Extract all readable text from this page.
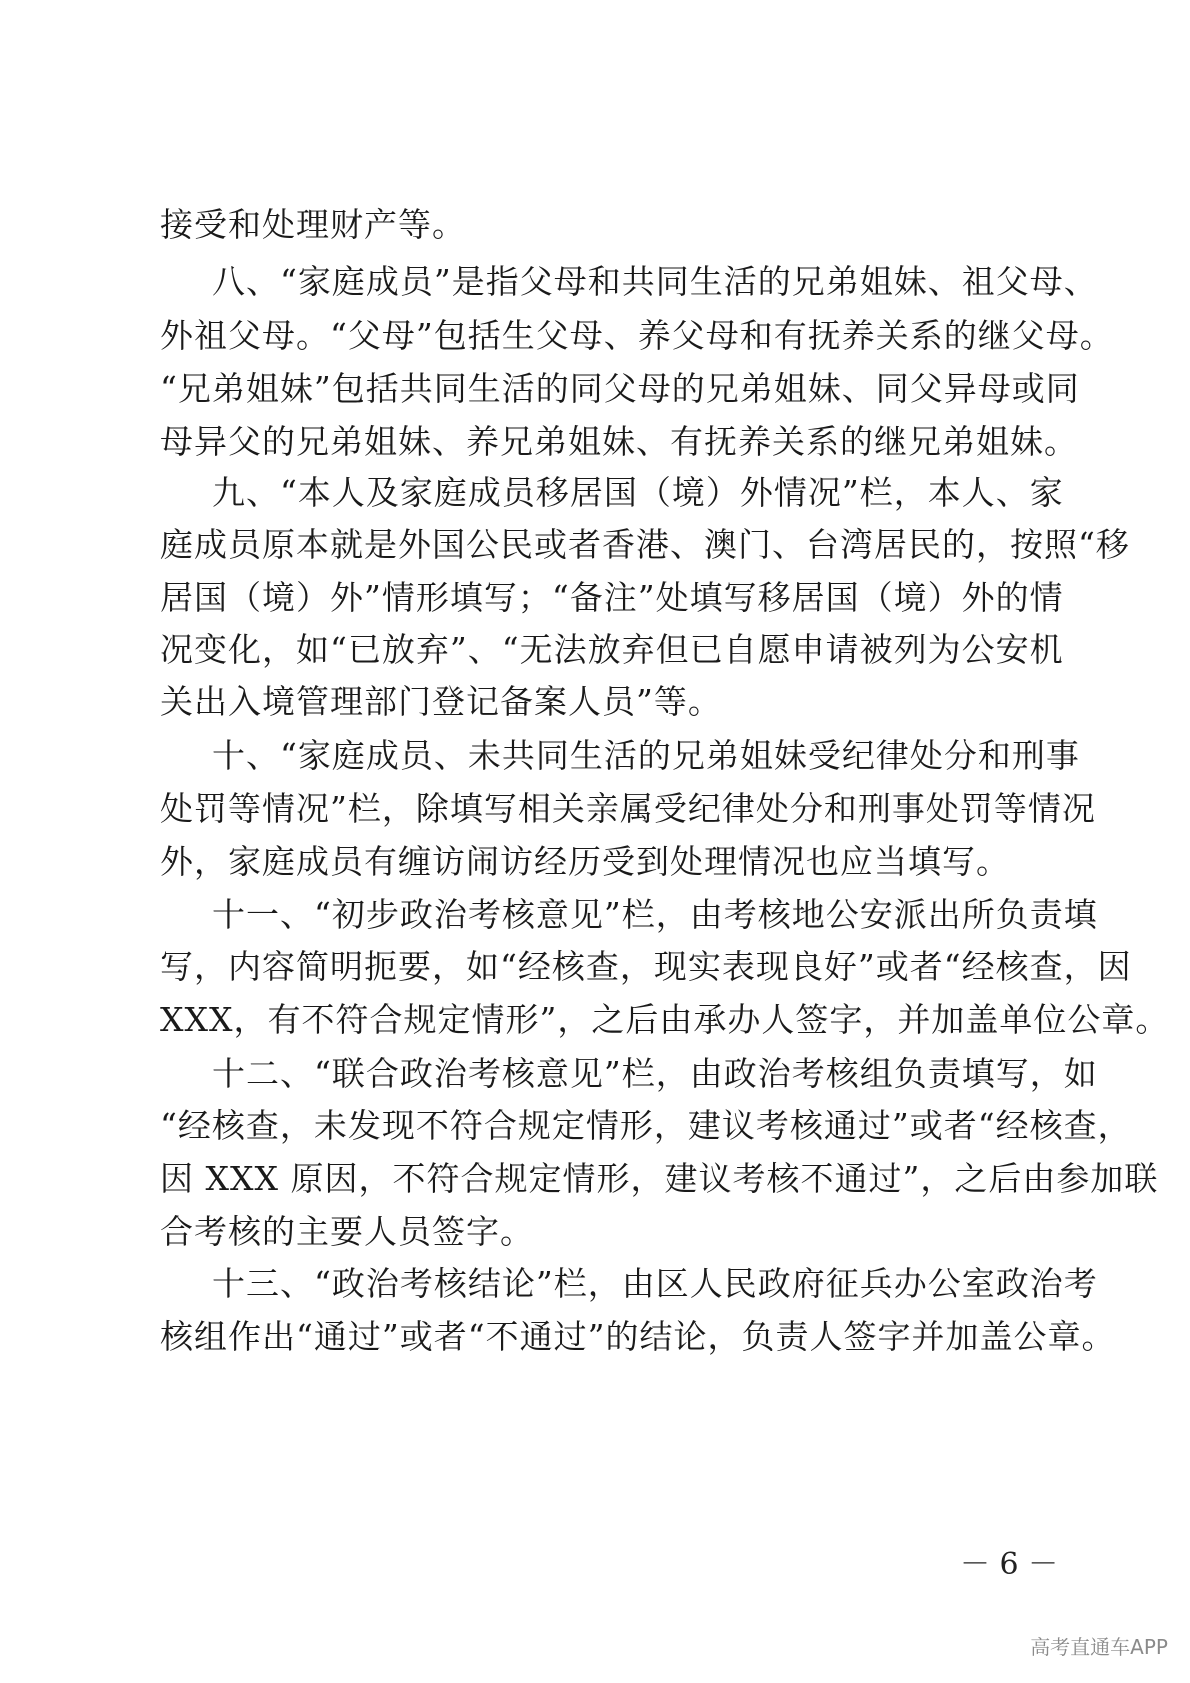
接受和处理财产等。
八、“家庭成员”是指父母和共同生活的兄弟姐妹、祖父母、
外祖父母。“父母”包括生父母、养父母和有抚养关系的继父母。
“兄弟姐妹”包括共同生活的同父母的兄弟姐妹、同父异母或同
母异父的兄弟姐妹、养兄弟姐妹、有抚养关系的继兄弟姐妹。
九、“本人及家庭成员移居国（境）外情况”栏，本人、家
庭成员原本就是外国公民或者香港、澳门、台湾居民的，按照“移
居国（境）外”情形填写；“备注”处填写移居国（境）外的情
况变化，如“已放弃”、“无法放弃但已自愿申请被列为公安机
关出入境管理部门登记备案人员”等。
十、“家庭成员、未共同生活的兄弟姐妹受纪律处分和刑事
处罚等情况”栏，除填写相关亲属受纪律处分和刑事处罚等情况
外，家庭成员有缠访闹访经历受到处理情况也应当填写。
十一、“初步政治考核意见”栏，由考核地公安派出所负责填
写，内容简明扼要，如“经核查，现实表现良好”或者“经核查，因
XXX，有不符合规定情形”，之后由承办人签字，并加盖单位公章。
十二、“联合政治考核意见”栏，由政治考核组负责填写，如
“经核查，未发现不符合规定情形，建议考核通过”或者“经核查，
因 XXX 原因，不符合规定情形，建议考核不通过”，之后由参加联
合考核的主要人员签字。
十三、“政治考核结论”栏，由区人民政府征兵办公室政治考
核组作出“通过”或者“不通过”的结论，负责人签字并加盖公章。
－ 6 －
高考直通车APP
